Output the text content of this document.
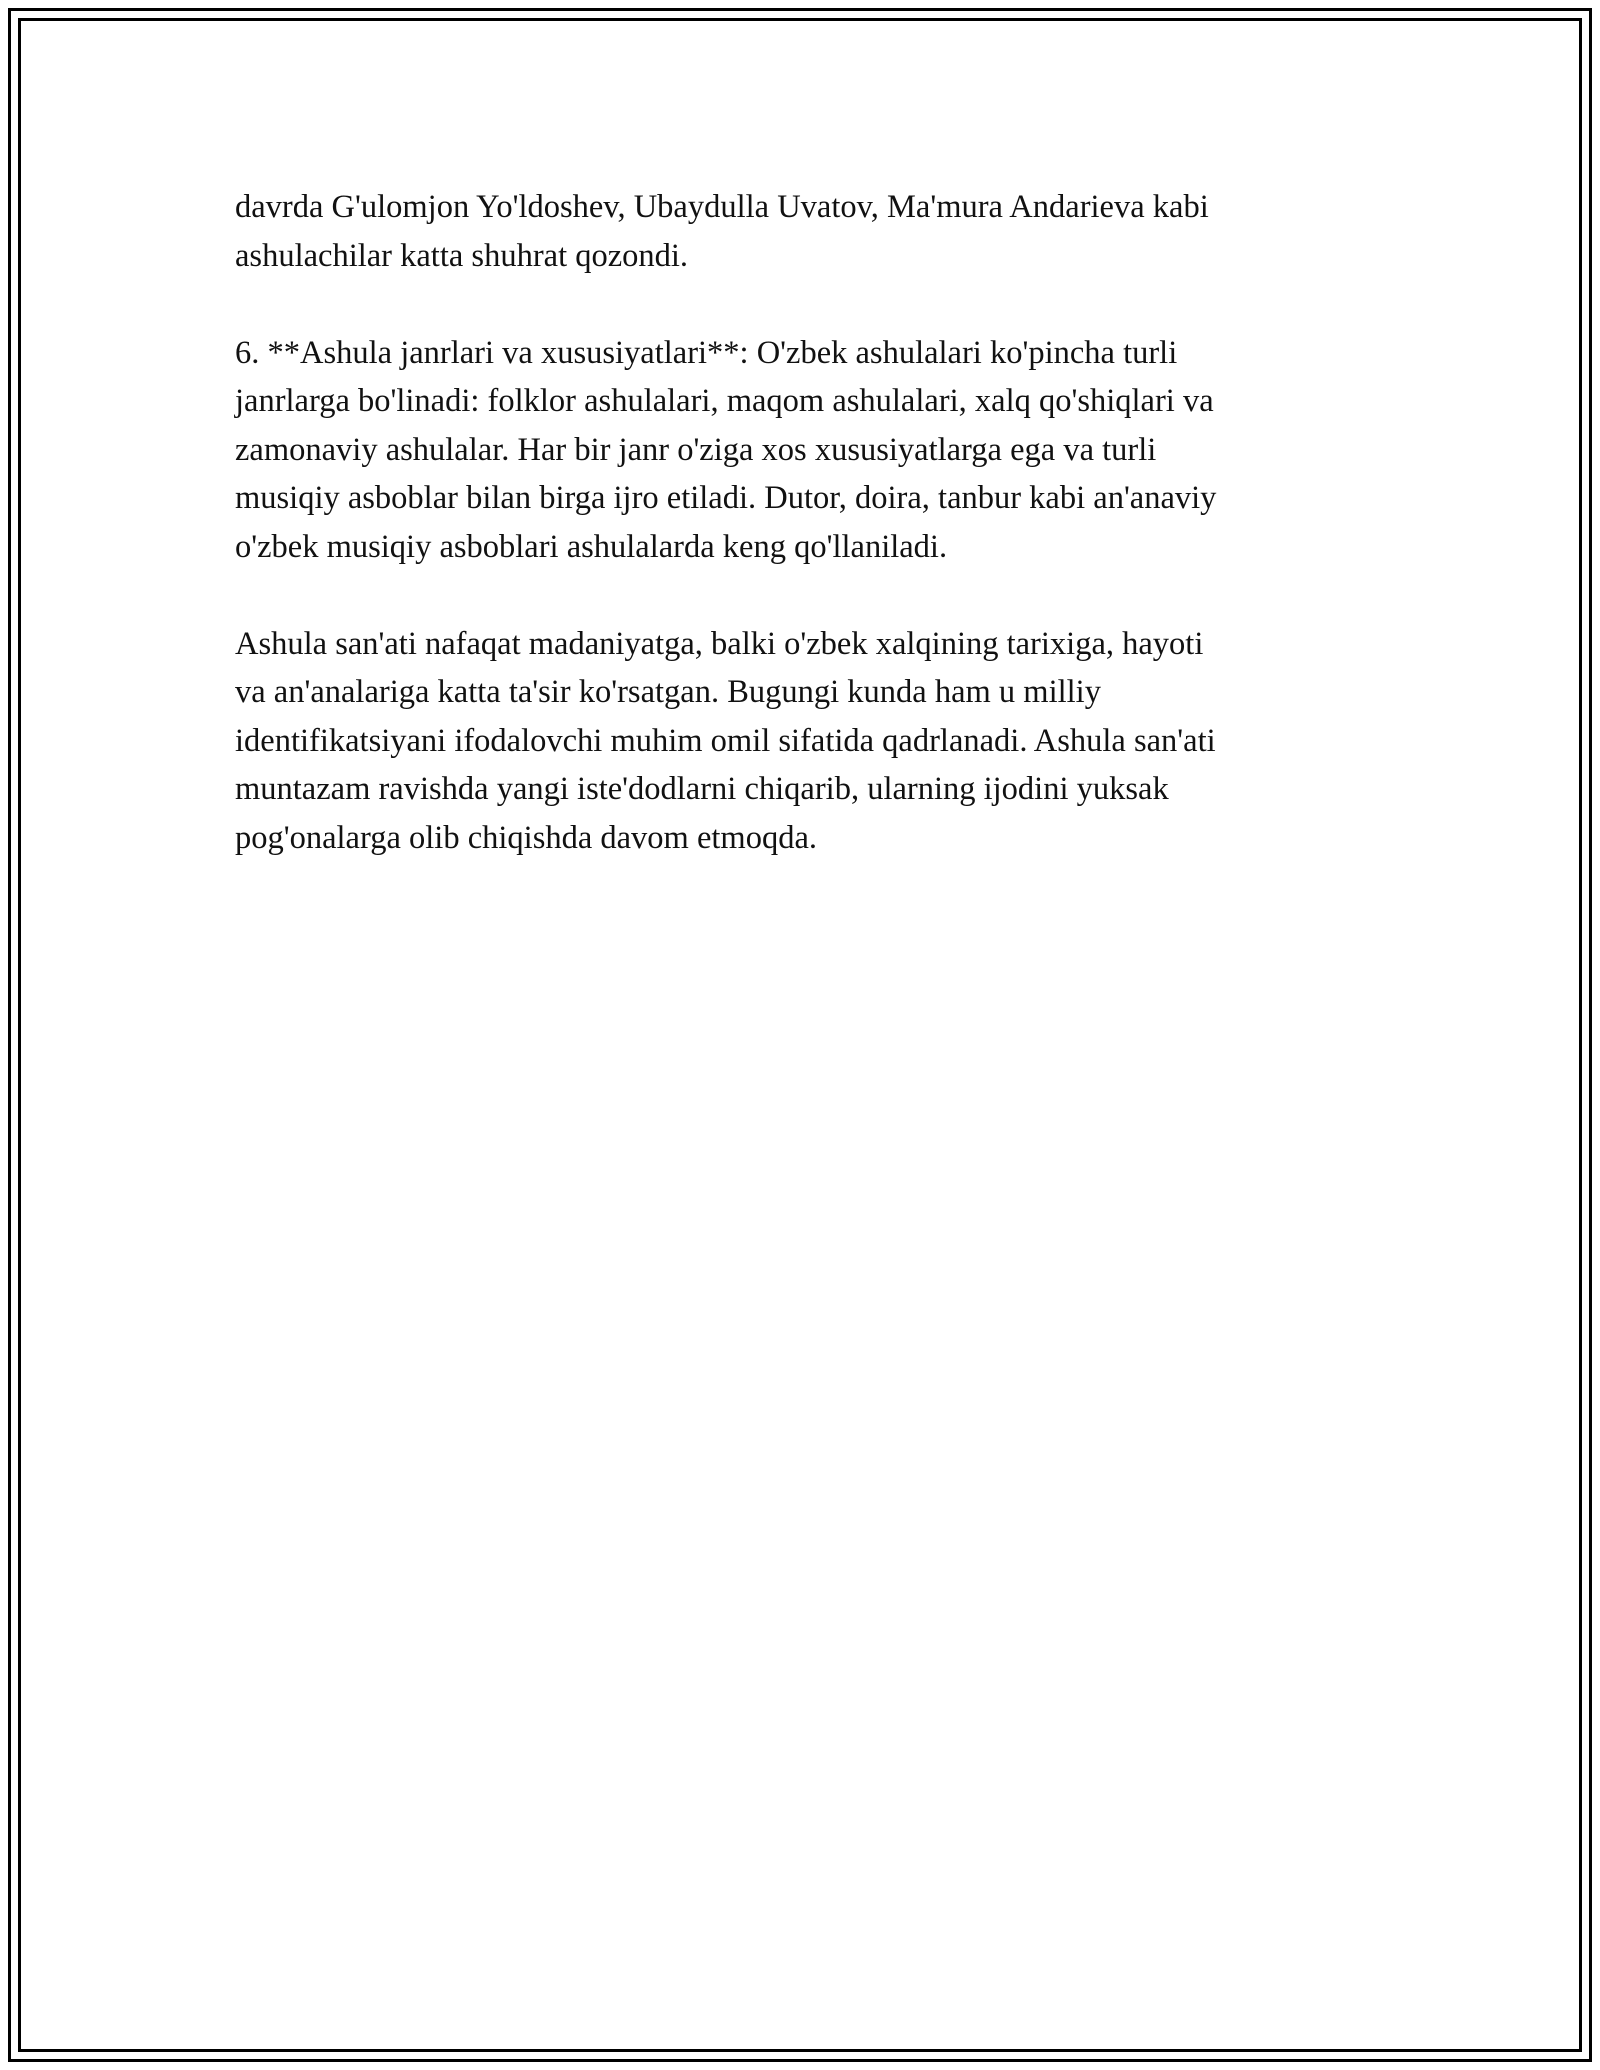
davrda G'ulomjon Yo'ldoshev, Ubaydulla Uvatov, Ma'mura Andarieva kabi
ashulachilar katta shuhrat qozondi.

6. **Ashula janrlari va xususiyatlari**: O'zbek ashulalari ko'pincha turli
janrlarga bo'linadi: folklor ashulalari, maqom ashulalari, xalq qo'shiqlari va
zamonaviy ashulalar. Har bir janr o'ziga xos xususiyatlarga ega va turli
musiqiy asboblar bilan birga ijro etiladi. Dutor, doira, tanbur kabi an'anaviy
o'zbek musiqiy asboblari ashulalarda keng qo'llaniladi.

Ashula san'ati nafaqat madaniyatga, balki o'zbek xalqining tarixiga, hayoti
va an'analariga katta ta'sir ko'rsatgan. Bugungi kunda ham u milliy
identifikatsiyani ifodalovchi muhim omil sifatida qadrlanadi. Ashula san'ati
muntazam ravishda yangi iste'dodlarni chiqarib, ularning ijodini yuksak
pog'onalarga olib chiqishda davom etmoqda.
